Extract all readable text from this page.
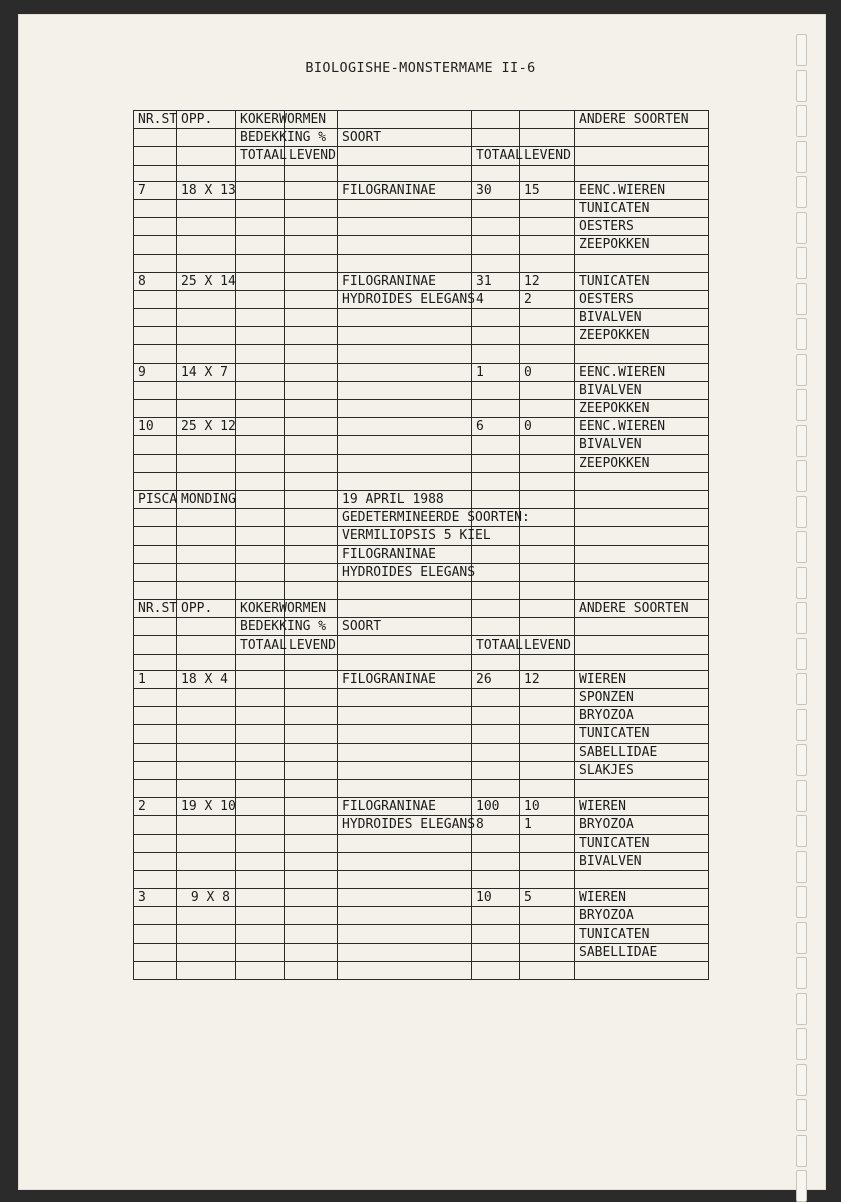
BIOLOGISHE-MONSTERMAME II-6
NR.ST	OPP.	KOKERWORMEN					ANDERE SOORTEN
		BEDEKKING %		SOORT			
		TOTAAL	LEVEND		TOTAAL	LEVEND	

7	18 X 13			FILOGRANINAE	30	15	EENC.WIEREN
							TUNICATEN
							OESTERS
							ZEEPOKKEN

8	25 X 14			FILOGRANINAE	31	12	TUNICATEN
				HYDROIDES ELEGANS	4	2	OESTERS
							BIVALVEN
							ZEEPOKKEN

9	14 X 7				1	0	EENC.WIEREN
							BIVALVEN
							ZEEPOKKEN
10	25 X 12				6	0	EENC.WIEREN
							BIVALVEN
							ZEEPOKKEN

PISCA	MONDING			19 APRIL 1988			
				GEDETERMINEERDE SOORTEN:			
				VERMILIOPSIS 5 KIEL			
				FILOGRANINAE			
				HYDROIDES ELEGANS			

NR.ST	OPP.	KOKERWORMEN					ANDERE SOORTEN
		BEDEKKING %		SOORT			
		TOTAAL	LEVEND		TOTAAL	LEVEND	

1	18 X 4			FILOGRANINAE	26	12	WIEREN
							SPONZEN
							BRYOZOA
							TUNICATEN
							SABELLIDAE
							SLAKJES

2	19 X 10			FILOGRANINAE	100	10	WIEREN
				HYDROIDES ELEGANS	8	1	BRYOZOA
							TUNICATEN
							BIVALVEN

3	9 X 8				10	5	WIEREN
							BRYOZOA
							TUNICATEN
							SABELLIDAE
